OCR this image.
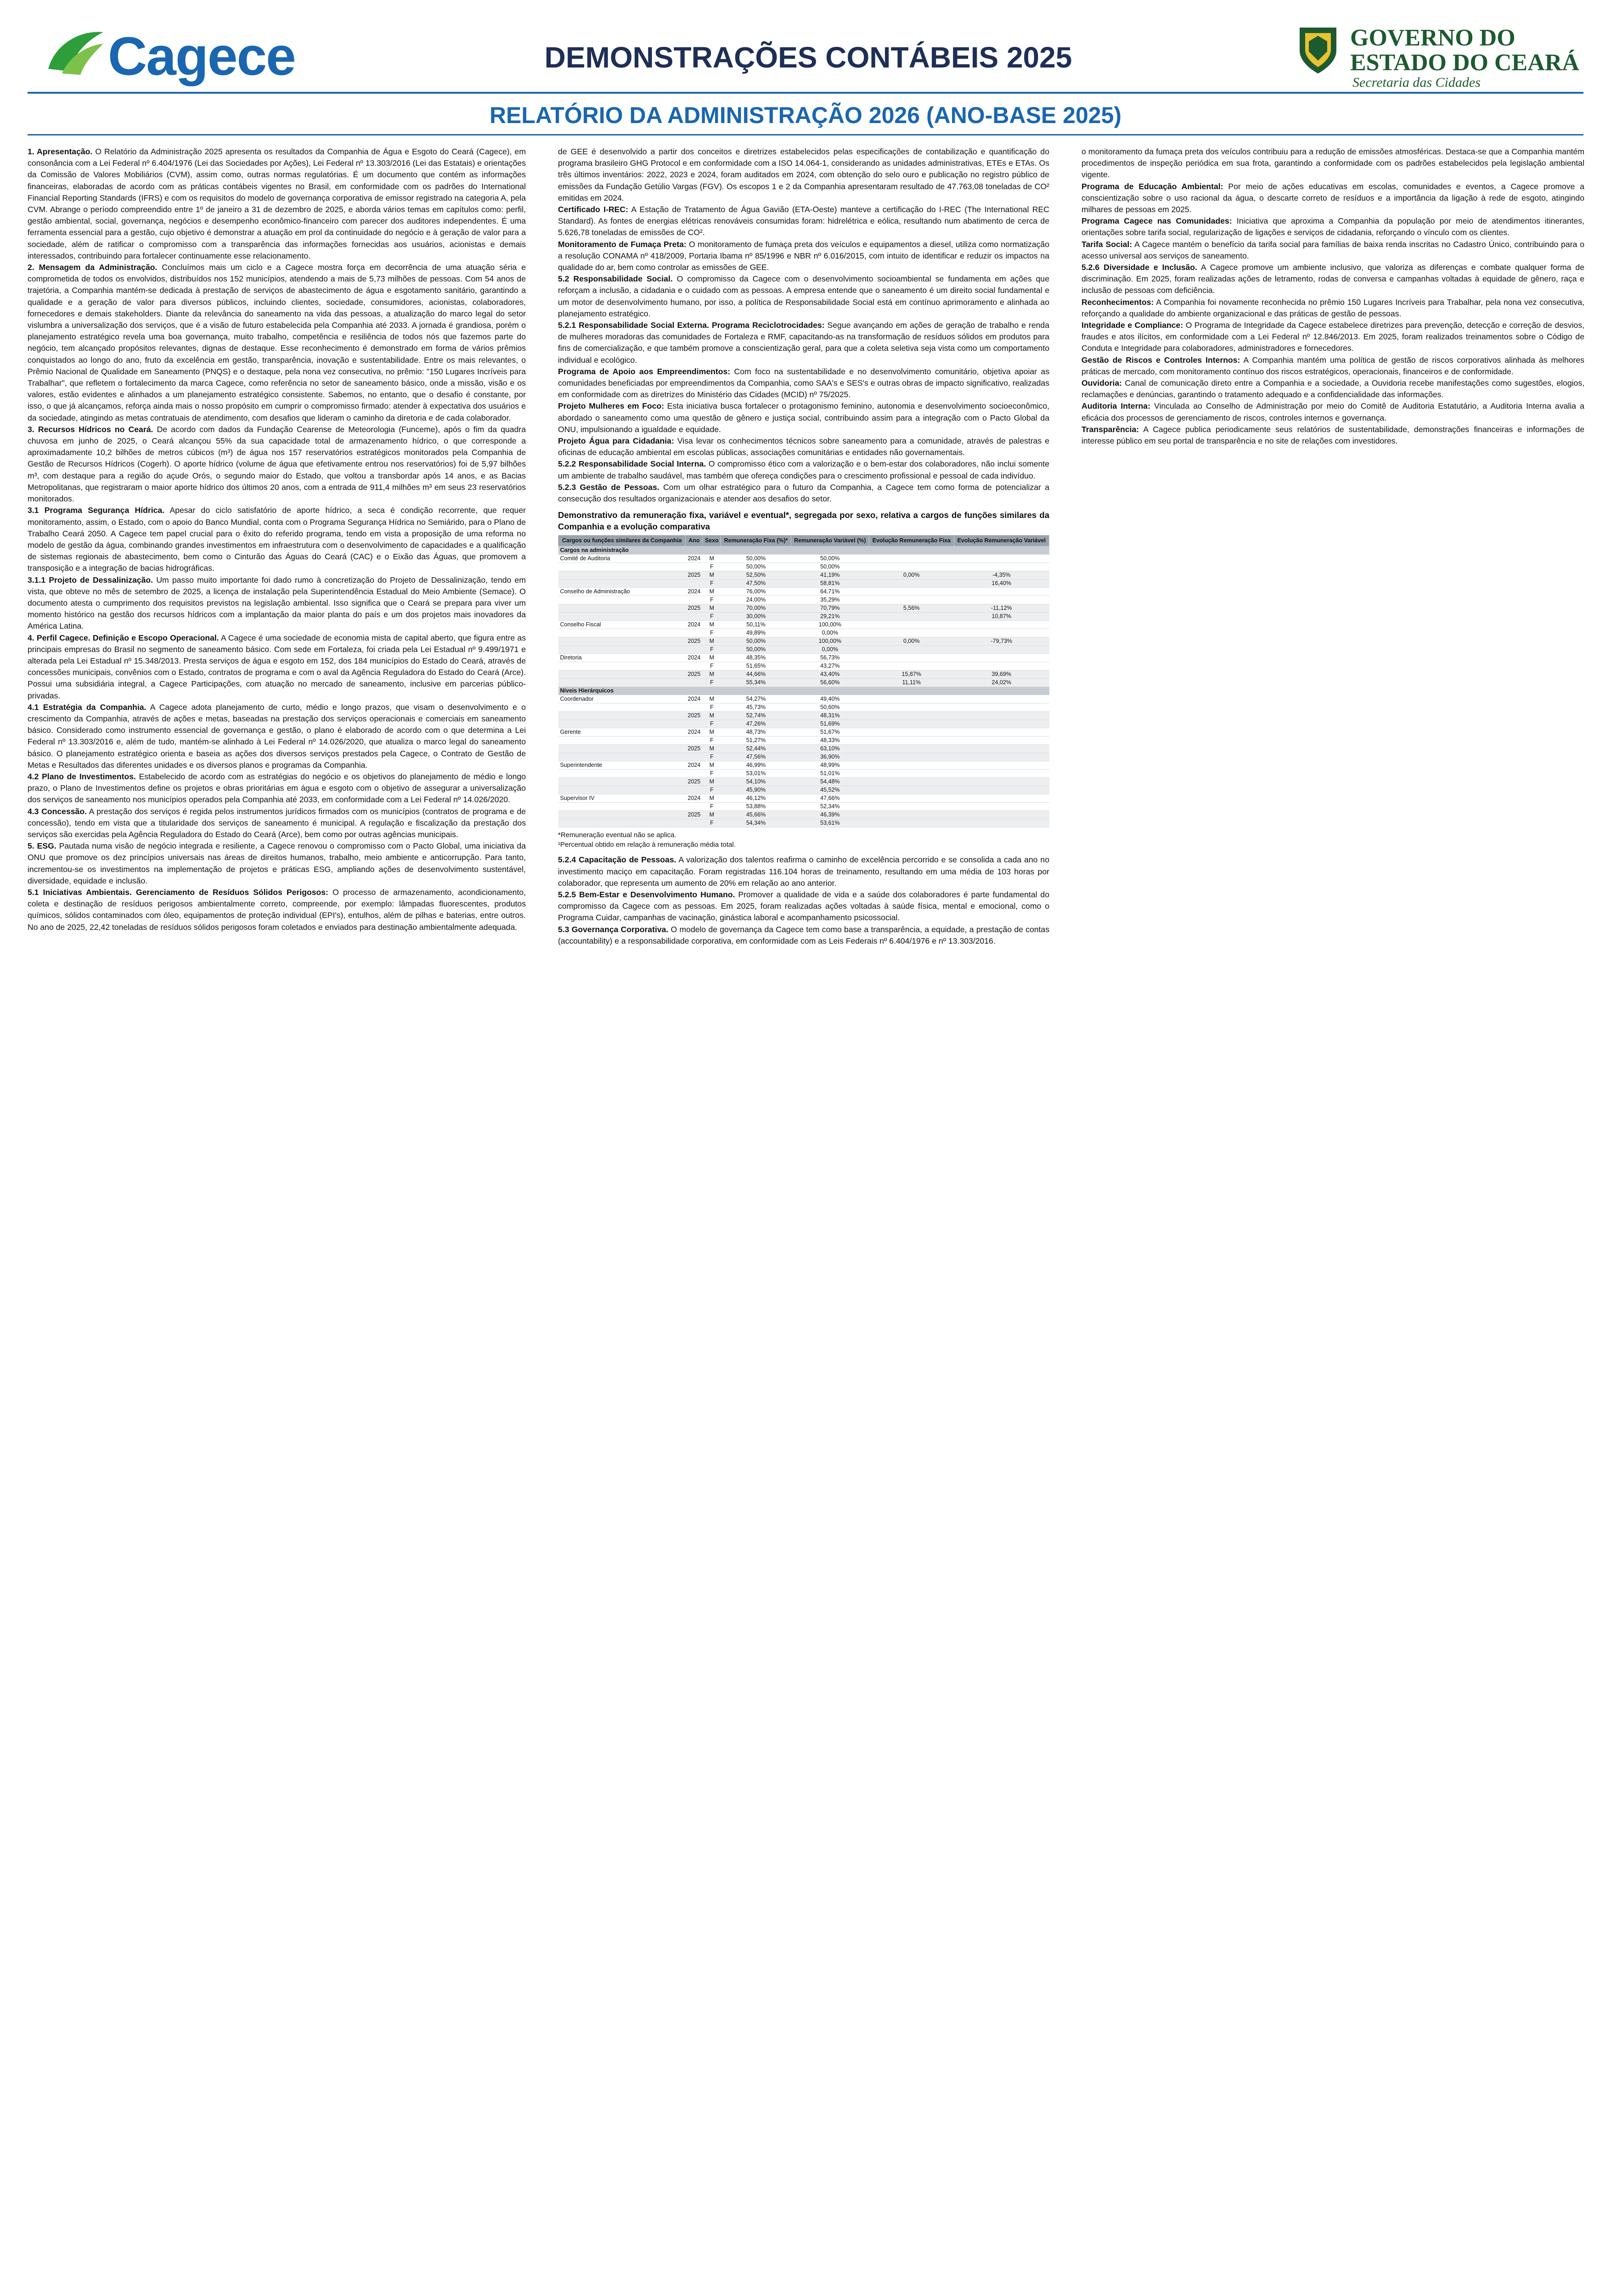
Cagece	DEMONSTRAÇÕES CONTÁBEIS 2025
GOVERNO DO
ESTADO DO CEARÁ
Secretaria das Cidades
RELATÓRIO DA ADMINISTRAÇÃO 2026 (ANO-BASE 2025)

1. Apresentação. O Relatório da Administração 2025 apresenta os resultados da Companhia de Água e Esgoto do Ceará (Cagece), em consonância com a Lei Federal nº 6.404/1976 (Lei das Sociedades por Ações), Lei Federal nº 13.303/2016 (Lei das Estatais) e orientações da Comissão de Valores Mobiliários (CVM), assim como, outras normas regulatórias. É um documento que contém as informações financeiras, elaboradas de acordo com as práticas contábeis vigentes no Brasil, em conformidade com os padrões do International Financial Reporting Standards (IFRS) e com os requisitos do modelo de governança corporativa de emissor registrado na categoria A, pela CVM. Abrange o período compreendido entre 1º de janeiro a 31 de dezembro de 2025, e aborda vários temas em capítulos como: perfil, gestão ambiental, social, governança, negócios e desempenho econômico-financeiro com parecer dos auditores independentes. É uma ferramenta essencial para a gestão, cujo objetivo é demonstrar a atuação em prol da continuidade do negócio e à geração de valor para a sociedade, além de ratificar o compromisso com a transparência das informações fornecidas aos usuários, acionistas e demais interessados, contribuindo para fortalecer continuamente esse relacionamento.

2. Mensagem da Administração. Concluímos mais um ciclo e a Cagece mostra força em decorrência de uma atuação séria e comprometida de todos os envolvidos, distribuídos nos 152 municípios, atendendo a mais de 5,73 milhões de pessoas. Com 54 anos de trajetória, a Companhia mantém-se dedicada à prestação de serviços de abastecimento de água e esgotamento sanitário, garantindo a qualidade e a geração de valor para diversos públicos, incluindo clientes, sociedade, consumidores, acionistas, colaboradores, fornecedores e demais stakeholders. Diante da relevância do saneamento na vida das pessoas, a atualização do marco legal do setor vislumbra a universalização dos serviços, que é a visão de futuro estabelecida pela Companhia até 2033. A jornada é grandiosa, porém o planejamento estratégico revela uma boa governança, muito trabalho, competência e resiliência de todos nós que fazemos parte do negócio, tem alcançado propósitos relevantes, dignas de destaque. Esse reconhecimento é demonstrado em forma de vários prêmios conquistados ao longo do ano, fruto da excelência em gestão, transparência, inovação e sustentabilidade. Entre os mais relevantes, o Prêmio Nacional de Qualidade em Saneamento (PNQS) e o destaque, pela nona vez consecutiva, no prêmio: "150 Lugares Incríveis para Trabalhar", que refletem o fortalecimento da marca Cagece, como referência no setor de saneamento básico, onde a missão, visão e os valores, estão evidentes e alinhados a um planejamento estratégico consistente. Sabemos, no entanto, que o desafio é constante, por isso, o que já alcançamos, reforça ainda mais o nosso propósito em cumprir o compromisso firmado: atender à expectativa dos usuários e da sociedade, atingindo as metas contratuais de atendimento, com desafios que lideram o caminho da diretoria e de cada colaborador.

3. Recursos Hídricos no Ceará. De acordo com dados da Fundação Cearense de Meteorologia (Funceme), após o fim da quadra chuvosa em junho de 2025, o Ceará alcançou 55% da sua capacidade total de armazenamento hídrico, o que corresponde a aproximadamente 10,2 bilhões de metros cúbicos (m³) de água nos 157 reservatórios estratégicos monitorados pela Companhia de Gestão de Recursos Hídricos (Cogerh). O aporte hídrico (volume de água que efetivamente entrou nos reservatórios) foi de 5,97 bilhões m³, com destaque para a região do açude Orós, o segundo maior do Estado, que voltou a transbordar após 14 anos, e as Bacias Metropolitanas, que registraram o maior aporte hídrico dos últimos 20 anos, com a entrada de 911,4 milhões m³ em seus 23 reservatórios monitorados.

3.1 Programa Segurança Hídrica. Apesar do ciclo satisfatório de aporte hídrico, a seca é condição recorrente, que requer monitoramento, assim, o Estado, com o apoio do Banco Mundial, conta com o Programa Segurança Hídrica no Semiárido, para o Plano de Trabalho Ceará 2050. A Cagece tem papel crucial para o êxito do referido programa, tendo em vista a proposição de uma reforma no modelo de gestão da água, combinando grandes investimentos em infraestrutura com o desenvolvimento de capacidades e a qualificação de sistemas regionais de abastecimento, bem como o Cinturão das Águas do Ceará (CAC) e o Eixão das Águas, que promovem a transposição e a integração de bacias hidrográficas.

3.1.1 Projeto de Dessalinização. Um passo muito importante foi dado rumo à concretização do Projeto de Dessalinização, tendo em vista, que obteve no mês de setembro de 2025, a licença de instalação pela Superintendência Estadual do Meio Ambiente (Semace). O documento atesta o cumprimento dos requisitos previstos na legislação ambiental. Isso significa que o Ceará se prepara para viver um momento histórico na gestão dos recursos hídricos com a implantação da maior planta do país e um dos projetos mais inovadores da América Latina.

4. Perfil Cagece. Definição e Escopo Operacional. A Cagece é uma sociedade de economia mista de capital aberto, que figura entre as principais empresas do Brasil no segmento de saneamento básico. Com sede em Fortaleza, foi criada pela Lei Estadual nº 9.499/1971 e alterada pela Lei Estadual nº 15.348/2013. Presta serviços de água e esgoto em 152, dos 184 municípios do Estado do Ceará, através de concessões municipais, convênios com o Estado, contratos de programa e com o aval da Agência Reguladora do Estado do Ceará (Arce). Possui uma subsidiária integral, a Cagece Participações, com atuação no mercado de saneamento, inclusive em parcerias público-privadas.

4.1 Estratégia da Companhia. A Cagece adota planejamento de curto, médio e longo prazos, que visam o desenvolvimento e o crescimento da Companhia, através de ações e metas, baseadas na prestação dos serviços operacionais e comerciais em saneamento básico. Considerado como instrumento essencial de governança e gestão, o plano é elaborado de acordo com o que determina a Lei Federal nº 13.303/2016 e, além de tudo, mantém-se alinhado à Lei Federal nº 14.026/2020, que atualiza o marco legal do saneamento básico. O planejamento estratégico orienta e baseia as ações dos diversos serviços prestados pela Cagece, o Contrato de Gestão de Metas e Resultados das diferentes unidades e os diversos planos e programas da Companhia.

4.2 Plano de Investimentos. Estabelecido de acordo com as estratégias do negócio e os objetivos do planejamento de médio e longo prazo, o Plano de Investimentos define os projetos e obras prioritárias em água e esgoto com o objetivo de assegurar a universalização dos serviços de saneamento nos municípios operados pela Companhia até 2033, em conformidade com a Lei Federal nº 14.026/2020.

4.3 Concessão. A prestação dos serviços é regida pelos instrumentos jurídicos firmados com os municípios (contratos de programa e de concessão), tendo em vista que a titularidade dos serviços de saneamento é municipal. A regulação e fiscalização da prestação dos serviços são exercidas pela Agência Reguladora do Estado do Ceará (Arce), bem como por outras agências municipais.

5. ESG. Pautada numa visão de negócio integrada e resiliente, a Cagece renovou o compromisso com o Pacto Global, uma iniciativa da ONU que promove os dez princípios universais nas áreas de direitos humanos, trabalho, meio ambiente e anticorrupção. Para tanto, incrementou-se os investimentos na implementação de projetos e práticas ESG, ampliando ações de desenvolvimento sustentável, diversidade, equidade e inclusão.

5.1 Iniciativas Ambientais. Gerenciamento de Resíduos Sólidos Perigosos: O processo de armazenamento, acondicionamento, coleta e destinação de resíduos perigosos ambientalmente correto, compreende, por exemplo: lâmpadas fluorescentes, produtos químicos, sólidos contaminados com óleo, equipamentos de proteção individual (EPI's), entulhos, além de pilhas e baterias, entre outros. No ano de 2025, 22,42 toneladas de resíduos sólidos perigosos foram coletados e enviados para destinação ambientalmente adequada.

de GEE é desenvolvido a partir dos conceitos e diretrizes estabelecidos pelas especificações de contabilização e quantificação do programa brasileiro GHG Protocol e em conformidade com a ISO 14.064-1, considerando as unidades administrativas, ETEs e ETAs. Os três últimos inventários: 2022, 2023 e 2024, foram auditados em 2024, com obtenção do selo ouro e publicação no registro público de emissões da Fundação Getúlio Vargas (FGV). Os escopos 1 e 2 da Companhia apresentaram resultado de 47.763,08 toneladas de CO² emitidas em 2024.

Certificado I-REC: A Estação de Tratamento de Água Gavião (ETA-Oeste) manteve a certificação do I-REC (The International REC Standard). As fontes de energias elétricas renováveis consumidas foram: hidrelétrica e eólica, resultando num abatimento de cerca de 5.626,78 toneladas de emissões de CO².

Monitoramento de Fumaça Preta: O monitoramento de fumaça preta dos veículos e equipamentos a diesel, utiliza como normatização a resolução CONAMA nº 418/2009, Portaria Ibama nº 85/1996 e NBR nº 6.016/2015, com intuito de identificar e reduzir os impactos na qualidade do ar, bem como controlar as emissões de GEE.

5.2 Responsabilidade Social. O compromisso da Cagece com o desenvolvimento socioambiental se fundamenta em ações que reforçam a inclusão, a cidadania e o cuidado com as pessoas. A empresa entende que o saneamento é um direito social fundamental e um motor de desenvolvimento humano, por isso, a política de Responsabilidade Social está em contínuo aprimoramento e alinhada ao planejamento estratégico.

5.2.1 Responsabilidade Social Externa. Programa Reciclotrocidades: Segue avançando em ações de geração de trabalho e renda de mulheres moradoras das comunidades de Fortaleza e RMF, capacitando-as na transformação de resíduos sólidos em produtos para fins de comercialização, e que também promove a conscientização geral, para que a coleta seletiva seja vista como um comportamento individual e ecológico.

Programa de Apoio aos Empreendimentos: Com foco na sustentabilidade e no desenvolvimento comunitário, objetiva apoiar as comunidades beneficiadas por empreendimentos da Companhia, como SAA's e SES's e outras obras de impacto significativo, realizadas em conformidade com as diretrizes do Ministério das Cidades (MCID) nº 75/2025.

Projeto Mulheres em Foco: Esta iniciativa busca fortalecer o protagonismo feminino, autonomia e desenvolvimento socioeconômico, abordado o saneamento como uma questão de gênero e justiça social, contribuindo assim para a integração com o Pacto Global da ONU, impulsionando a igualdade e equidade.

Projeto Água para Cidadania: Visa levar os conhecimentos técnicos sobre saneamento para a comunidade, através de palestras e oficinas de educação ambiental em escolas públicas, associações comunitárias e entidades não governamentais.

5.2.2 Responsabilidade Social Interna. O compromisso ético com a valorização e o bem-estar dos colaboradores, não inclui somente um ambiente de trabalho saudável, mas também que ofereça condições para o crescimento profissional e pessoal de cada indivíduo.

5.2.3 Gestão de Pessoas. Com um olhar estratégico para o futuro da Companhia, a Cagece tem como forma de potencializar a consecução dos resultados organizacionais e atender aos desafios do setor.

Demonstrativo da remuneração fixa, variável e eventual*, segregada por sexo, relativa a cargos de funções similares da Companhia e a evolução comparativa
Cargos ou funções similares da Companhia	Ano	Sexo	Remuneração Fixa (%)*	Remuneração Variável (%)	Evolução Remuneração Fixa	Evolução Remuneração Variável
Cargos na administração						
Comitê de Auditoria	2024	M	50,00%	50,00%		
		F	50,00%	50,00%		
	2025	M	52,50%	41,19%	0,00%	-4,35%
		F	47,50%	58,81%		16,40%
Conselho de Administração	2024	M	76,00%	64,71%		
		F	24,00%	35,29%		
	2025	M	70,00%	70,79%	5,56%	-11,12%
		F	30,00%	29,21%		10,87%
Conselho Fiscal	2024	M	50,11%	100,00%		
		F	49,89%	0,00%		
	2025	M	50,00%	100,00%	0,00%	-79,73%
		F	50,00%	0,00%		
Diretoria	2024	M	48,35%	56,73%		
		F	51,65%	43,27%		
	2025	M	44,66%	43,40%	15,87%	39,69%
		F	55,34%	56,60%	11,11%	24,02%
Níveis Hierárquicos						
Coordenador	2024	M	54,27%	49,40%		
		F	45,73%	50,60%		
	2025	M	52,74%	48,31%		
		F	47,26%	51,69%		
Gerente	2024	M	48,73%	51,67%		
		F	51,27%	48,33%		
	2025	M	52,44%	63,10%		
		F	47,56%	36,90%		
Superintendente	2024	M	46,99%	48,99%		
		F	53,01%	51,01%		
	2025	M	54,10%	54,48%		
		F	45,90%	45,52%		
Supervisor IV	2024	M	46,12%	47,66%		
		F	53,88%	52,34%		
	2025	M	45,66%	46,39%		
		F	54,34%	53,61%		
*Remuneração eventual não se aplica.
¹Percentual obtido em relação à remuneração média total.

5.2.4 Capacitação de Pessoas. A valorização dos talentos reafirma o caminho de excelência percorrido e se consolida a cada ano no investimento maciço em capacitação. Foram registradas 116.104 horas de treinamento, resultando em uma média de 103 horas por colaborador, que representa um aumento de 20% em relação ao ano anterior.

5.2.5 Bem-Estar e Desenvolvimento Humano. Promover a qualidade de vida e a saúde dos colaboradores é parte fundamental do compromisso da Cagece com as pessoas. Em 2025, foram realizadas ações voltadas à saúde física, mental e emocional, como o Programa Cuidar, campanhas de vacinação, ginástica laboral e acompanhamento psicossocial.

5.3 Governança Corporativa. O modelo de governança da Cagece tem como base a transparência, a equidade, a prestação de contas (accountability) e a responsabilidade corporativa, em conformidade com as Leis Federais nº 6.404/1976 e nº 13.303/2016.

o monitoramento da fumaça preta dos veículos contribuiu para a redução de emissões atmosféricas. Destaca-se que a Companhia mantém procedimentos de inspeção periódica em sua frota, garantindo a conformidade com os padrões estabelecidos pela legislação ambiental vigente.

Programa de Educação Ambiental: Por meio de ações educativas em escolas, comunidades e eventos, a Cagece promove a conscientização sobre o uso racional da água, o descarte correto de resíduos e a importância da ligação à rede de esgoto, atingindo milhares de pessoas em 2025.

Programa Cagece nas Comunidades: Iniciativa que aproxima a Companhia da população por meio de atendimentos itinerantes, orientações sobre tarifa social, regularização de ligações e serviços de cidadania, reforçando o vínculo com os clientes.

Tarifa Social: A Cagece mantém o benefício da tarifa social para famílias de baixa renda inscritas no Cadastro Único, contribuindo para o acesso universal aos serviços de saneamento.

5.2.6 Diversidade e Inclusão. A Cagece promove um ambiente inclusivo, que valoriza as diferenças e combate qualquer forma de discriminação. Em 2025, foram realizadas ações de letramento, rodas de conversa e campanhas voltadas à equidade de gênero, raça e inclusão de pessoas com deficiência.

Reconhecimentos: A Companhia foi novamente reconhecida no prêmio 150 Lugares Incríveis para Trabalhar, pela nona vez consecutiva, reforçando a qualidade do ambiente organizacional e das práticas de gestão de pessoas.

Integridade e Compliance: O Programa de Integridade da Cagece estabelece diretrizes para prevenção, detecção e correção de desvios, fraudes e atos ilícitos, em conformidade com a Lei Federal nº 12.846/2013. Em 2025, foram realizados treinamentos sobre o Código de Conduta e Integridade para colaboradores, administradores e fornecedores.

Gestão de Riscos e Controles Internos: A Companhia mantém uma política de gestão de riscos corporativos alinhada às melhores práticas de mercado, com monitoramento contínuo dos riscos estratégicos, operacionais, financeiros e de conformidade.

Ouvidoria: Canal de comunicação direto entre a Companhia e a sociedade, a Ouvidoria recebe manifestações como sugestões, elogios, reclamações e denúncias, garantindo o tratamento adequado e a confidencialidade das informações.

Auditoria Interna: Vinculada ao Conselho de Administração por meio do Comitê de Auditoria Estatutário, a Auditoria Interna avalia a eficácia dos processos de gerenciamento de riscos, controles internos e governança.

Transparência: A Cagece publica periodicamente seus relatórios de sustentabilidade, demonstrações financeiras e informações de interesse público em seu portal de transparência e no site de relações com investidores.
